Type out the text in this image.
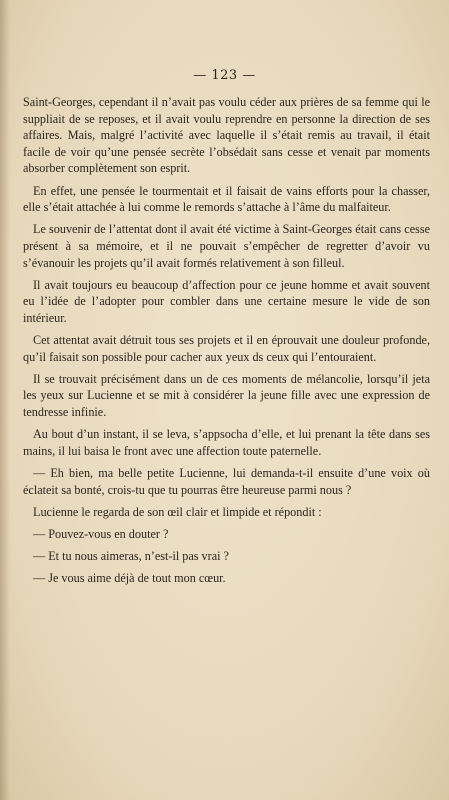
— 123 —

Saint-Georges, cependant il n’avait pas voulu céder aux prières de sa femme qui le suppliait de se reposes, et il avait voulu reprendre en personne la direction de ses affaires. Mais, malgré l’activité avec laquelle il s’était remis au travail, il était facile de voir qu’une pensée secrète l’obsédait sans cesse et venait par moments absorber complètement son esprit.

En effet, une pensée le tourmentait et il faisait de vains efforts pour la chasser, elle s’était attachée à lui comme le remords s’attache à l’âme du malfaiteur.

Le souvenir de l’attentat dont il avait été victime à Saint-Georges était cans cesse présent à sa mémoire, et il ne pouvait s’empêcher de regretter d’avoir vu s’évanouir les projets qu’il avait formés relativement à son filleul.

Il avait toujours eu beaucoup d’affection pour ce jeune homme et avait souvent eu l’idée de l’adopter pour combler dans une certaine mesure le vide de son intérieur.

Cet attentat avait détruit tous ses projets et il en éprouvait une douleur profonde, qu’il faisait son possible pour cacher aux yeux ds ceux qui l’entouraient.

Il se trouvait précisément dans un de ces moments de mélancolie, lorsqu’il jeta les yeux sur Lucienne et se mit à considérer la jeune fille avec une expression de tendresse infinie.

Au bout d’un instant, il se leva, s’appsocha d’elle, et lui prenant la tête dans ses mains, il lui baisa le front avec une affection toute paternelle.

— Eh bien, ma belle petite Lucienne, lui demanda-t-il ensuite d’une voix où éclateit sa bonté, crois-tu que tu pourras être heureuse parmi nous ?

Lucienne le regarda de son œil clair et limpide et répondit :

— Pouvez-vous en douter ?

— Et tu nous aimeras, n’est-il pas vrai ?

— Je vous aime déjà de tout mon cœur.
